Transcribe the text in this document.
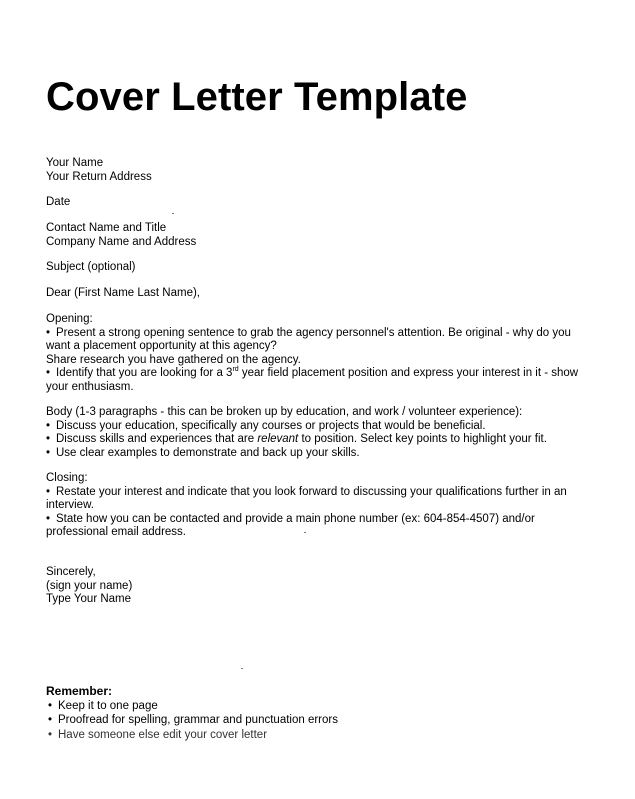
Cover Letter Template
Your Name
Your Return Address
Date
Contact Name and Title
Company Name and Address
Subject (optional)
Dear (First Name Last Name),
Opening:
• Present a strong opening sentence to grab the agency personnel's attention. Be original - why do you
want a placement opportunity at this agency?
Share research you have gathered on the agency.
• Identify that you are looking for a 3rd year field placement position and express your interest in it - show
your enthusiasm.
Body (1-3 paragraphs - this can be broken up by education, and work / volunteer experience):
• Discuss your education, specifically any courses or projects that would be beneficial.
• Discuss skills and experiences that are relevant to position. Select key points to highlight your fit.
• Use clear examples to demonstrate and back up your skills.
Closing:
• Restate your interest and indicate that you look forward to discussing your qualifications further in an
interview.
• State how you can be contacted and provide a main phone number (ex: 604-854-4507) and/or
professional email address.
Sincerely,
(sign your name)
Type Your Name
Remember:
• Keep it to one page
• Proofread for spelling, grammar and punctuation errors
• Have someone else edit your cover letter
